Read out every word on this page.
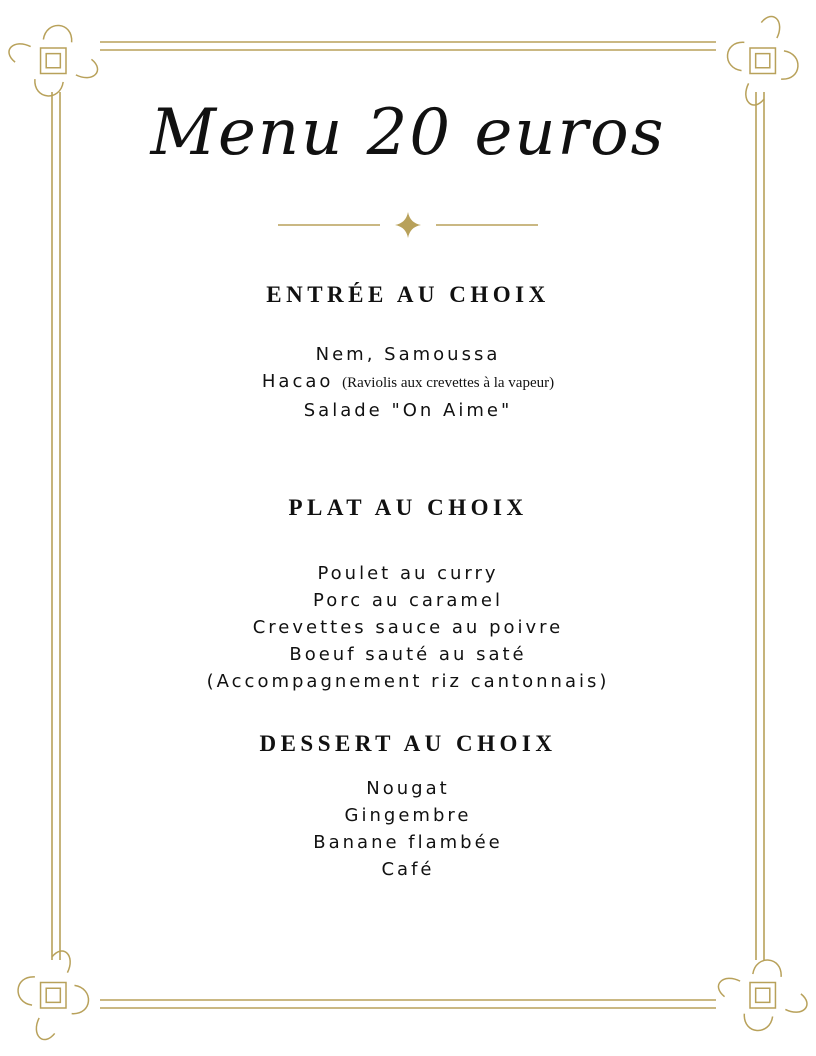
Menu 20 euros
ENTRÉE AU CHOIX
Nem, Samoussa
Hacao (Raviolis aux crevettes à la vapeur)
Salade "On Aime"
PLAT AU CHOIX
Poulet au curry
Porc au caramel
Crevettes sauce au poivre
Boeuf sauté au saté
(Accompagnement riz cantonnais)
DESSERT AU CHOIX
Nougat
Gingembre
Banane flambée
Café
